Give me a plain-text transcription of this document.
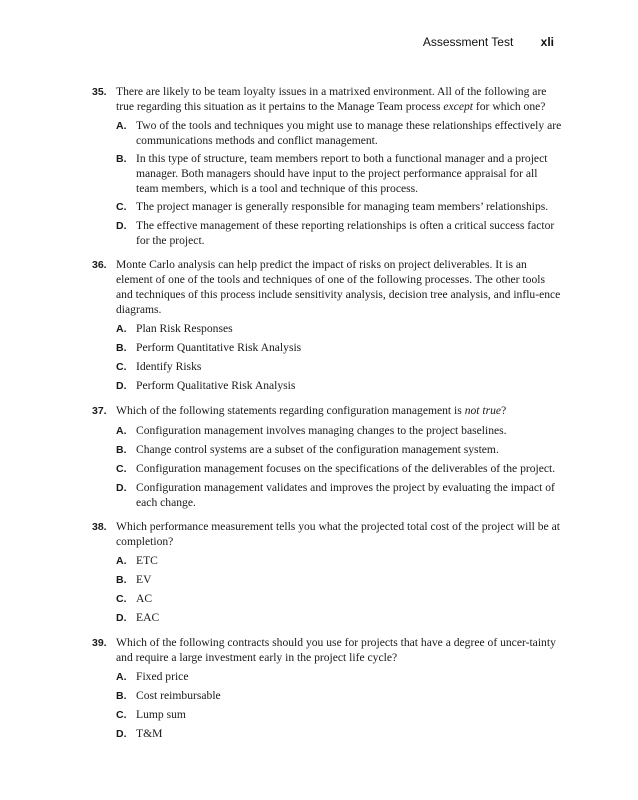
Assessment Test xli
35. There are likely to be team loyalty issues in a matrixed environment. All of the following are true regarding this situation as it pertains to the Manage Team process except for which one?
A. Two of the tools and techniques you might use to manage these relationships effectively are communications methods and conflict management.
B. In this type of structure, team members report to both a functional manager and a project manager. Both managers should have input to the project performance appraisal for all team members, which is a tool and technique of this process.
C. The project manager is generally responsible for managing team members’ relationships.
D. The effective management of these reporting relationships is often a critical success factor for the project.
36. Monte Carlo analysis can help predict the impact of risks on project deliverables. It is an element of one of the tools and techniques of one of the following processes. The other tools and techniques of this process include sensitivity analysis, decision tree analysis, and influ-ence diagrams.
A. Plan Risk Responses
B. Perform Quantitative Risk Analysis
C. Identify Risks
D. Perform Qualitative Risk Analysis
37. Which of the following statements regarding configuration management is not true?
A. Configuration management involves managing changes to the project baselines.
B. Change control systems are a subset of the configuration management system.
C. Configuration management focuses on the specifications of the deliverables of the project.
D. Configuration management validates and improves the project by evaluating the impact of each change.
38. Which performance measurement tells you what the projected total cost of the project will be at completion?
A. ETC
B. EV
C. AC
D. EAC
39. Which of the following contracts should you use for projects that have a degree of uncer-tainty and require a large investment early in the project life cycle?
A. Fixed price
B. Cost reimbursable
C. Lump sum
D. T&M
